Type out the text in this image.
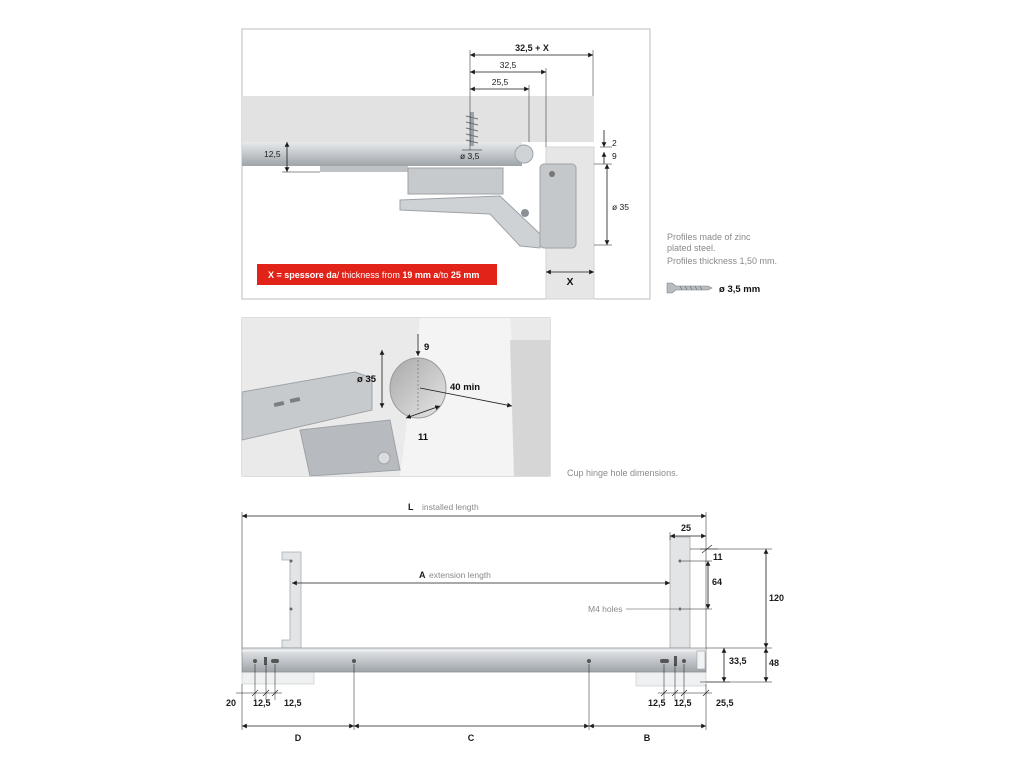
32,5 + X
32,5
25,5
12,5	ø 3,5
2
9
ø 35
X
X = spessore da/ thickness from 19 mm a/to 25 mm
Profiles made of zinc
plated steel.
Profiles thickness 1,50 mm.
ø 3,5 mm
9
ø 35
40 min
11
Cup hinge hole dimensions.
L installed length
A extension length
25
11
64
M4 holes
120
33,5 48
20 12,5 12,5	12,5 12,5	25,5
D	C	B
